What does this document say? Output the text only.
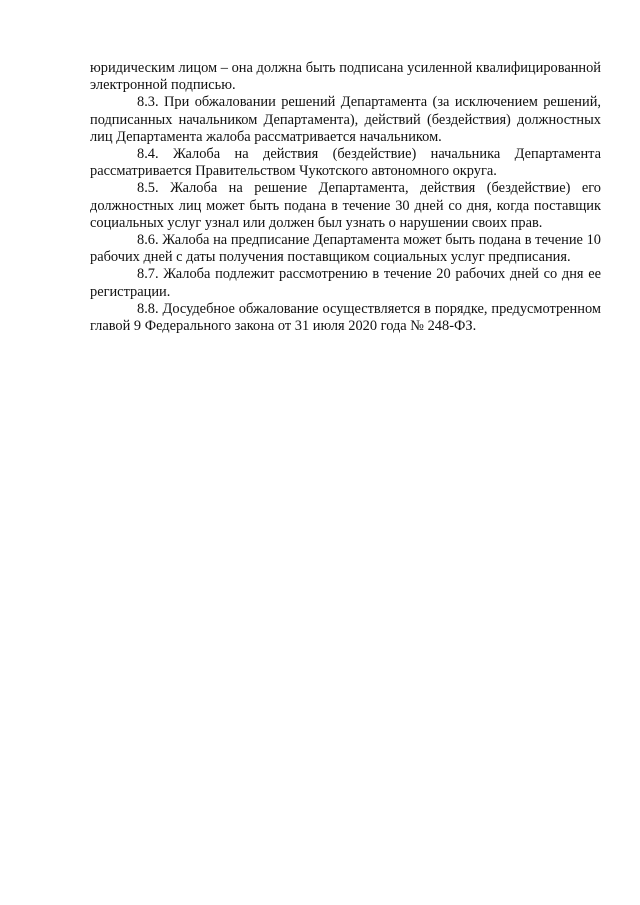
юридическим лицом – она должна быть подписана усиленной квалифицированной электронной подписью.

8.3. При обжаловании решений Департамента (за исключением решений, подписанных начальником Департамента), действий (бездействия) должностных лиц Департамента жалоба рассматривается начальником.

8.4. Жалоба на действия (бездействие) начальника Департамента рассматривается Правительством Чукотского автономного округа.

8.5. Жалоба на решение Департамента, действия (бездействие) его должностных лиц может быть подана в течение 30 дней со дня, когда поставщик социальных услуг узнал или должен был узнать о нарушении своих прав.

8.6. Жалоба на предписание Департамента может быть подана в течение 10 рабочих дней с даты получения поставщиком социальных услуг предписания.

8.7. Жалоба подлежит рассмотрению в течение 20 рабочих дней со дня ее регистрации.

8.8. Досудебное обжалование осуществляется в порядке, предусмотренном главой 9 Федерального закона от 31 июля 2020 года № 248-ФЗ.
